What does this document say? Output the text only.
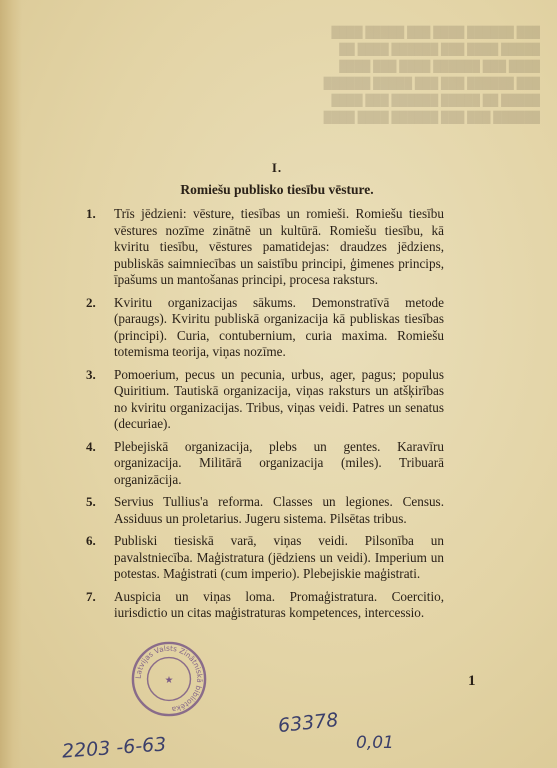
██████ ███ ███ ██████ ████ ████
█████ ██ █████ ██████ ███ ████
███ ██████ ███ ███ █████ ██████
████ ███ ██████ ████ ███ ████
█████ ████ ███ ██████ ████ ██
███ ██████ ████ ███ █████ ████
I.
Romiešu publisko tiesību vēsture.
1.	Trīs jēdzieni: vēsture, tiesības un romieši. Romiešu tiesību vēstures nozīme zinātnē un kultūrā. Romiešu tiesību, kā kviritu tiesību, vēstures pamatidejas: draudzes jēdziens, publiskās saimniecības un saistību principi, ģimenes princips, īpašums un mantošanas principi, procesa raksturs.
2.	Kviritu organizacijas sākums. Demonstratīvā metode (paraugs). Kviritu publiskā organizacija kā publiskas tiesības (principi). Curia, contubernium, curia maxima. Romiešu totemisma teorija, viņas nozīme.
3.	Pomoerium, pecus un pecunia, urbus, ager, pagus; populus Quiritium. Tautiskā organizacija, viņas raksturs un atšķirības no kviritu organizacijas. Tribus, viņas veidi. Patres un senatus (decuriae).
4.	Plebejiskā organizacija, plebs un gentes. Karavīru organizacija. Militārā organizacija (miles). Tribuarā organizācija.
5.	Servius Tullius'a reforma. Classes un legiones. Census. Assiduus un proletarius. Jugeru sistema. Pilsētas tribus.
6.	Publiski tiesiskā varā, viņas veidi. Pilsonība un pavalstniecība. Maģistratura (jēdziens un veidi). Imperium un potestas. Maģistrati (cum imperio). Plebejiskie maģistrati.
7.	Auspicia un viņas loma. Promaģistratura. Coercitio, iurisdictio un citas maģistraturas kompetences, intercessio.
1
Latvijas Valsts Zinātniskā bibliotēka
★
2203 -6-63
63378
0,01
